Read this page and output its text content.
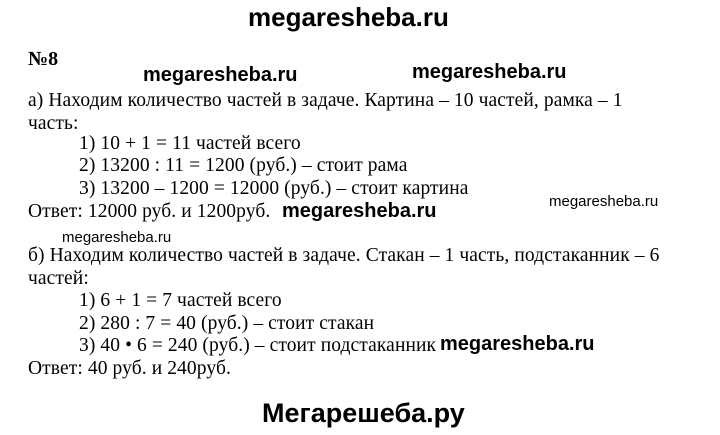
megaresheba.ru
№8
megaresheba.ru	megaresheba.ru
а) Находим количество частей в задаче. Картина – 10 частей, рамка – 1
часть:
1) 10 + 1 = 11 частей всего
2) 13200 : 11 = 1200 (руб.) – стоит рама
3) 13200 – 1200 = 12000 (руб.) – стоит картина
megaresheba.ru
Ответ: 12000 руб. и 1200руб. megaresheba.ru
megaresheba.ru
б) Находим количество частей в задаче. Стакан – 1 часть, подстаканник – 6
частей:
1) 6 + 1 = 7 частей всего
2) 280 : 7 = 40 (руб.) – стоит стакан
3) 40 • 6 = 240 (руб.) – стоит подстаканник megaresheba.ru
Ответ: 40 руб. и 240руб.
Мегарешеба.ру
